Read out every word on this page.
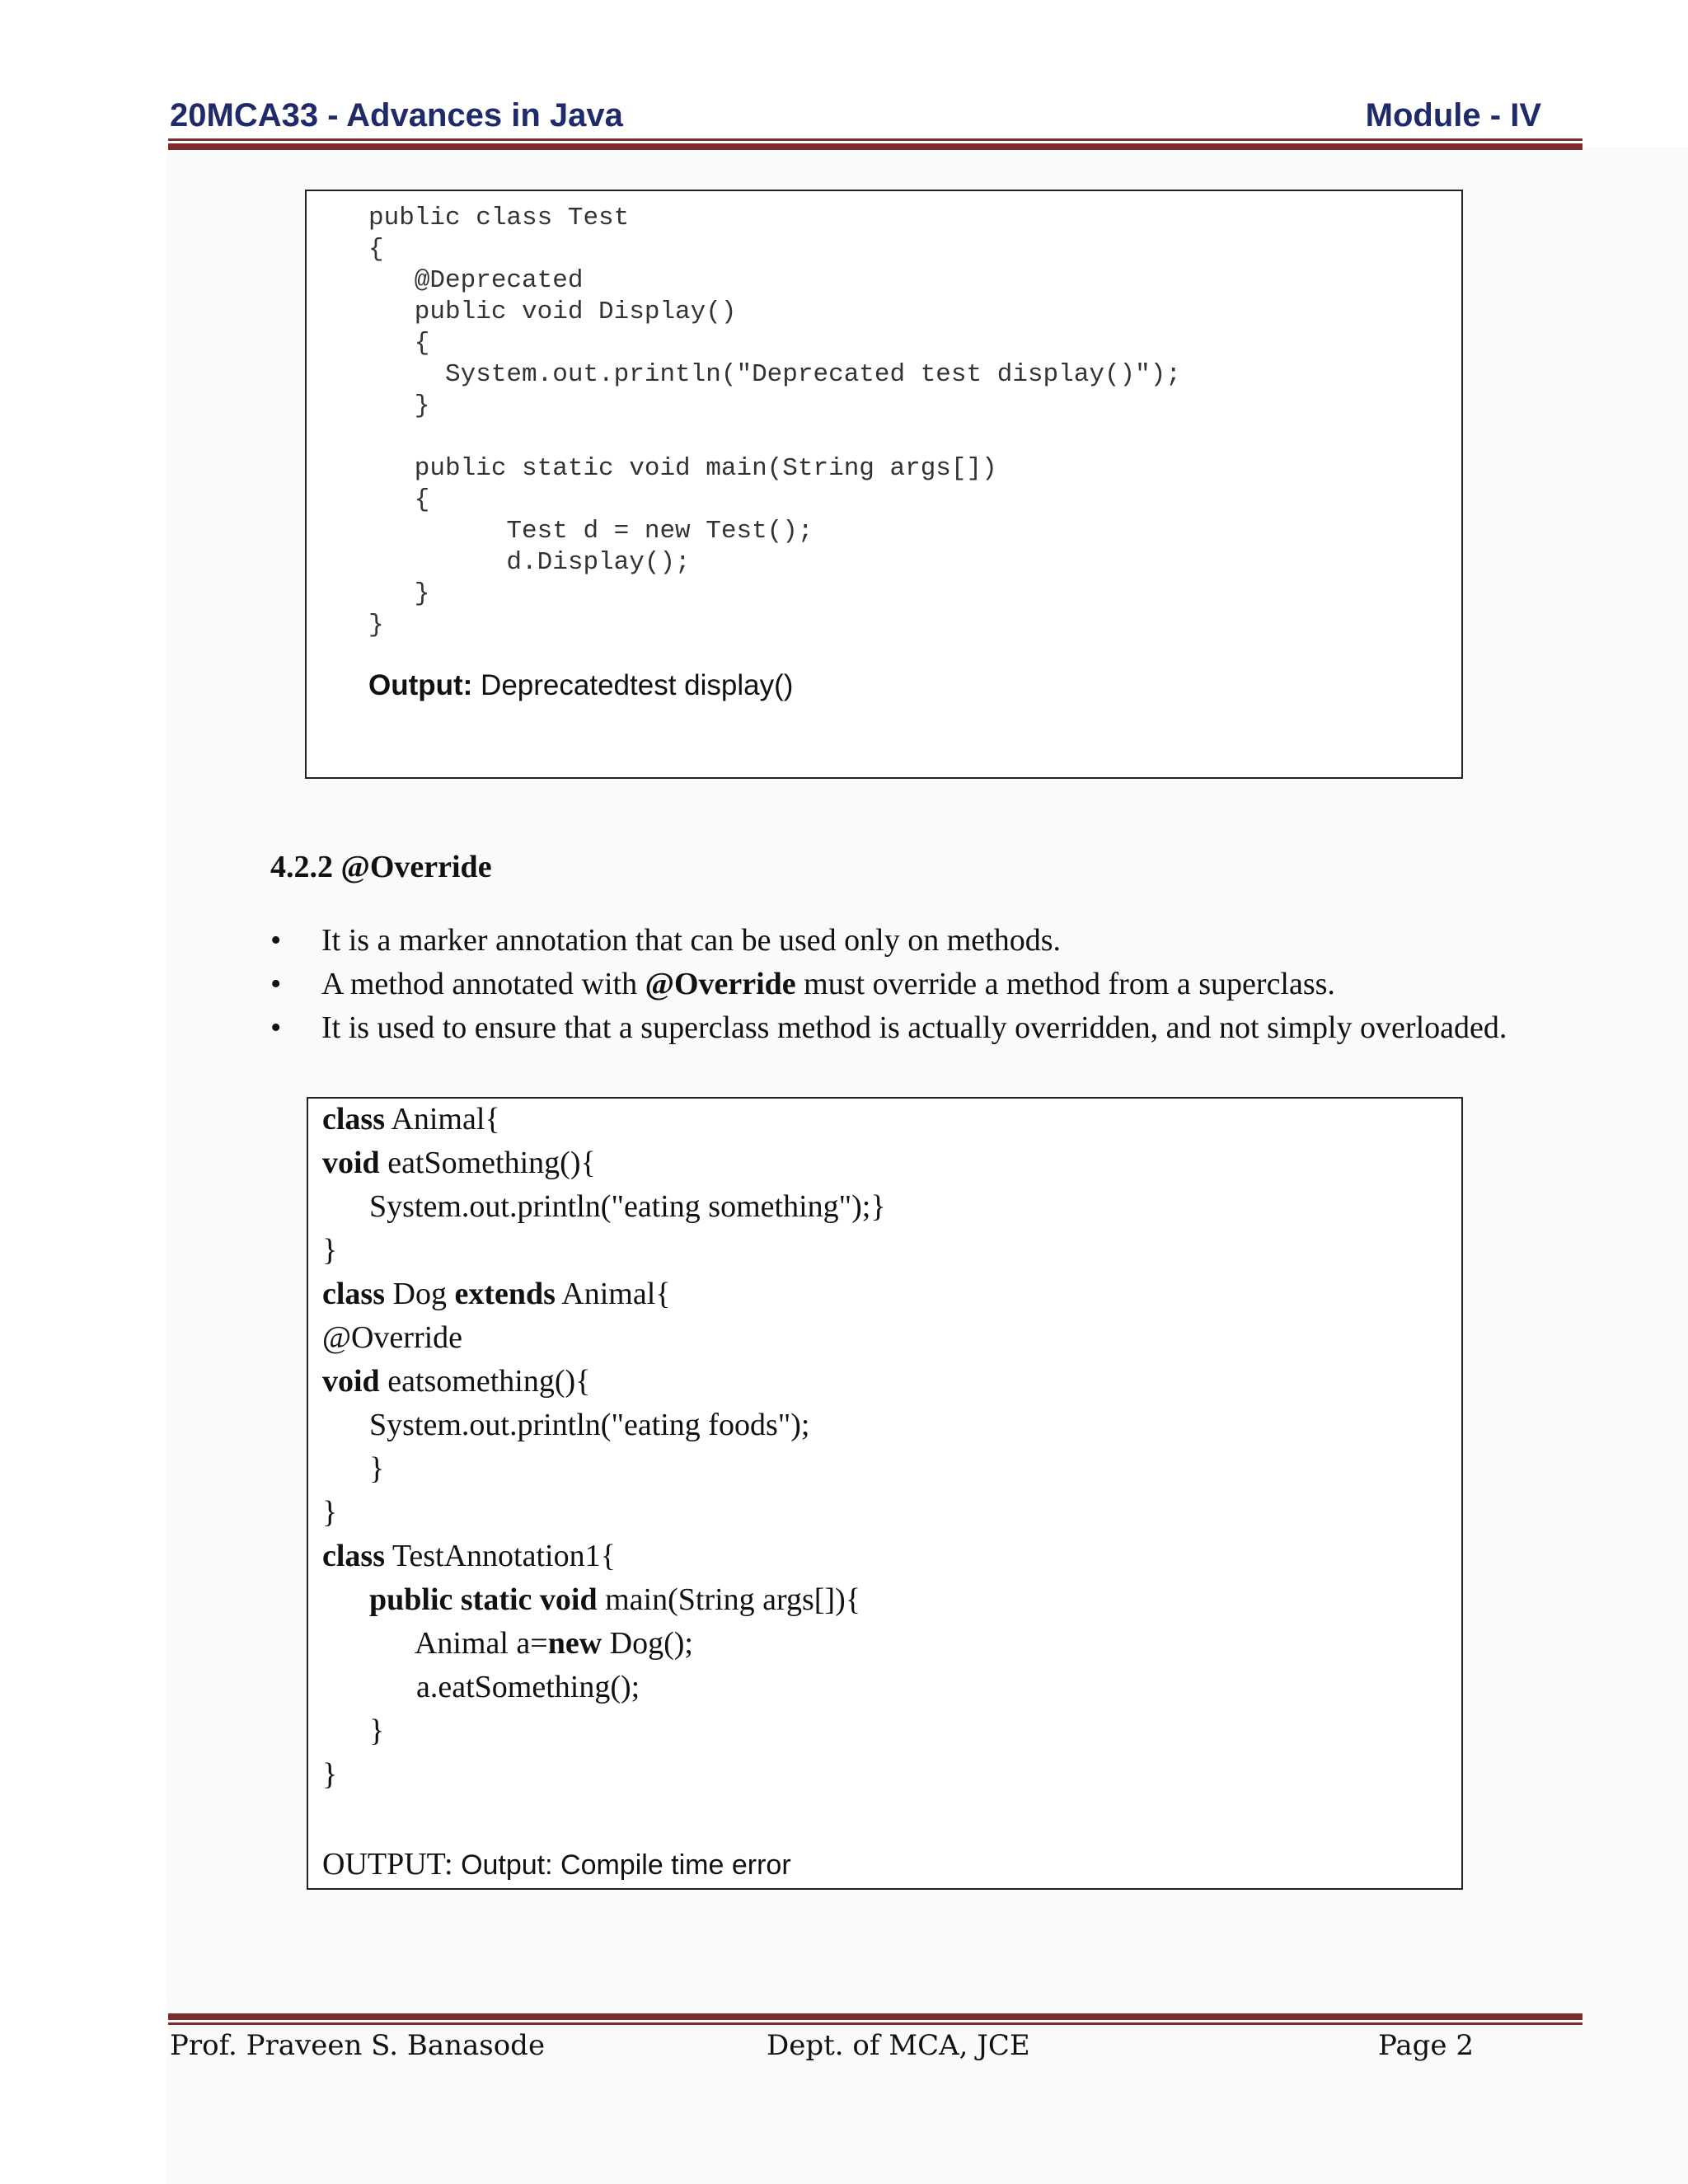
20MCA33 - Advances in Java	Module - IV
public class Test
{
@Deprecated
public void Display()
{
System.out.println("Deprecated test display()");
}

public static void main(String args[])
{
Test d = new Test();
d.Display();
}
}
Output: Deprecatedtest display()
4.2.2 @Override
• It is a marker annotation that can be used only on methods.
• A method annotated with @Override must override a method from a superclass.
• It is used to ensure that a superclass method is actually overridden, and not simply overloaded.
class Animal{
void eatSomething(){
System.out.println("eating something");}
}
class Dog extends Animal{
@Override
void eatsomething(){
System.out.println("eating foods");
}
}
class TestAnnotation1{
public static void main(String args[]){
Animal a=new Dog();
a.eatSomething();
}
}
OUTPUT: Output: Compile time error
Prof. Praveen S. Banasode	Dept. of MCA, JCE	Page 2
